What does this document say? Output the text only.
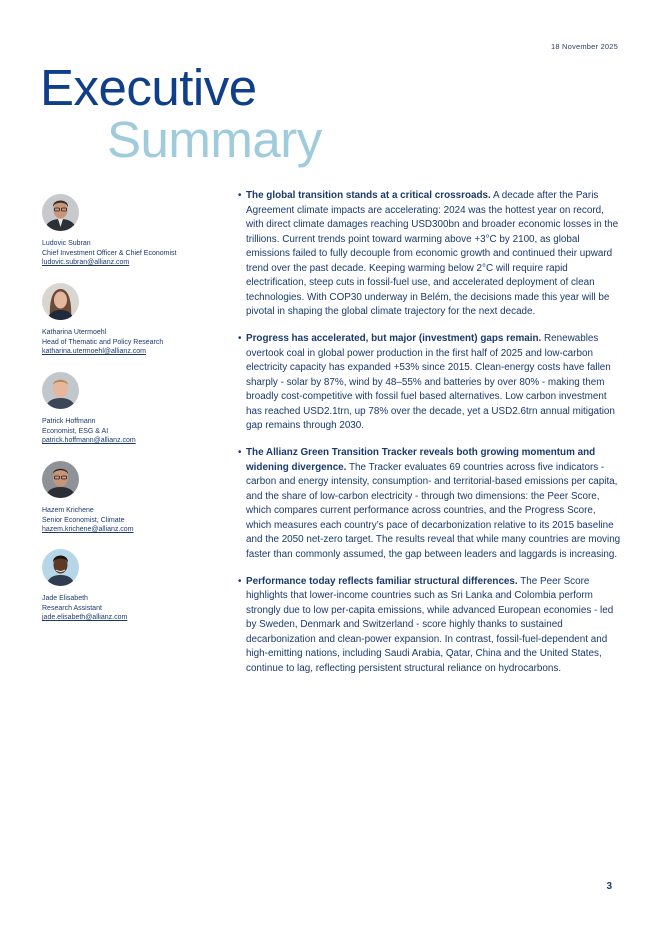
18 November 2025
Executive
Summary
Ludovic Subran
Chief Investment Officer & Chief Economist
ludovic.subran@allianz.com
Katharina Utermoehl
Head of Thematic and Policy Research
katharina.utermoehl@allianz.com
Patrick Hoffmann
Economist, ESG & AI
patrick.hoffmann@allianz.com
Hazem Krichene
Senior Economist, Climate
hazem.krichene@allianz.com
Jade Elisabeth
Research Assistant
jade.elisabeth@allianz.com
• The global transition stands at a critical crossroads. A decade after the Paris Agreement climate impacts are accelerating: 2024 was the hottest year on record, with direct climate damages reaching USD300bn and broader economic losses in the trillions. Current trends point toward warming above +3°C by 2100, as global emissions failed to fully decouple from economic growth and continued their upward trend over the past decade. Keeping warming below 2°C will require rapid electrification, steep cuts in fossil-fuel use, and accelerated deployment of clean technologies. With COP30 underway in Belém, the decisions made this year will be pivotal in shaping the global climate trajectory for the next decade.
• Progress has accelerated, but major (investment) gaps remain. Renewables overtook coal in global power production in the first half of 2025 and low-carbon electricity capacity has expanded +53% since 2015. Clean-energy costs have fallen sharply - solar by 87%, wind by 48–55% and batteries by over 80% - making them broadly cost-competitive with fossil fuel based alternatives. Low carbon investment has reached USD2.1trn, up 78% over the decade, yet a USD2.6trn annual mitigation gap remains through 2030.
• The Allianz Green Transition Tracker reveals both growing momentum and widening divergence. The Tracker evaluates 69 countries across five indicators - carbon and energy intensity, consumption- and territorial-based emissions per capita, and the share of low-carbon electricity - through two dimensions: the Peer Score, which compares current performance across countries, and the Progress Score, which measures each country’s pace of decarbonization relative to its 2015 baseline and the 2050 net-zero target. The results reveal that while many countries are moving faster than commonly assumed, the gap between leaders and laggards is increasing.
• Performance today reflects familiar structural differences. The Peer Score highlights that lower-income countries such as Sri Lanka and Colombia perform strongly due to low per-capita emissions, while advanced European economies - led by Sweden, Denmark and Switzerland - score highly thanks to sustained decarbonization and clean-power expansion. In contrast, fossil-fuel-dependent and high-emitting nations, including Saudi Arabia, Qatar, China and the United States, continue to lag, reflecting persistent structural reliance on hydrocarbons.
3
